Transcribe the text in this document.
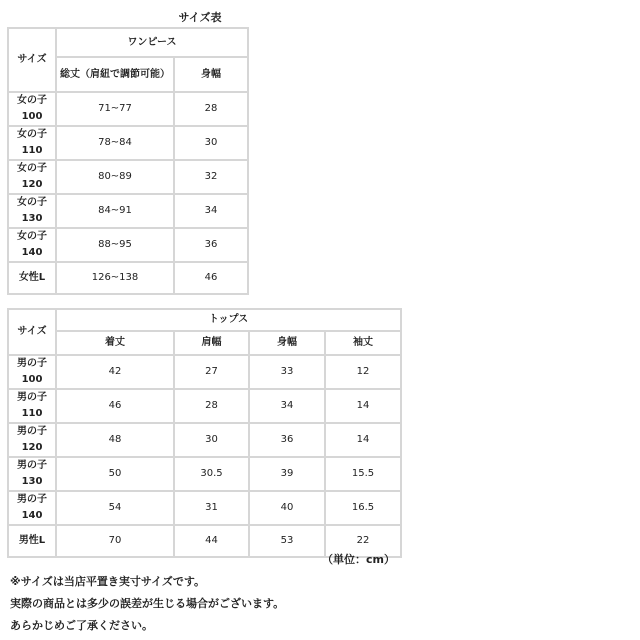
サイズ表
サイズ	ワンピース	
	総丈（肩紐で調節可能）	身幅

女の子
100	71~77	28

女の子
110	78~84	30

女の子
120	80~89	32

女の子
130	84~91	34

女の子
140	88~95	36
女性L	126~138	46
サイズ	トップス			
	着丈	肩幅	身幅	袖丈

男の子
100	42	27	33	12

男の子
110	46	28	34	14

男の子
120	48	30	36	14

男の子
130	50	30.5	39	15.5

男の子
140	54	31	40	16.5
男性L	70	44	53	22
（単位：cm）
※サイズは当店平置き実寸サイズです。
実際の商品とは多少の誤差が生じる場合がございます。
あらかじめご了承ください。
